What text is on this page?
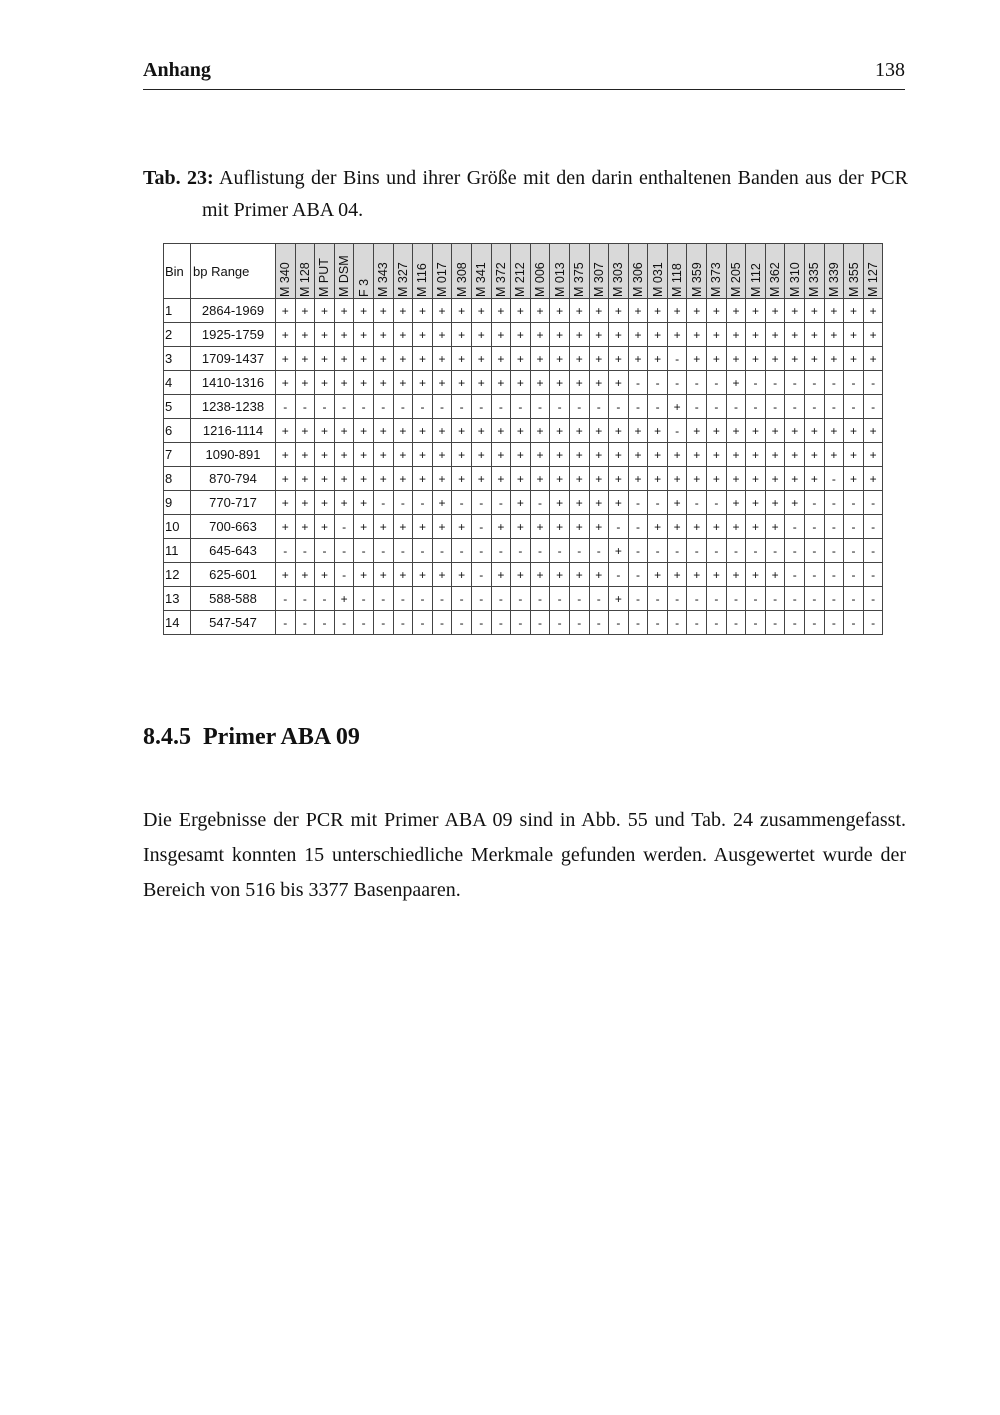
Anhang	138
Tab. 23: Auflistung der Bins und ihrer Größe mit den darin enthaltenen Banden aus der PCR
mit Primer ABA 04.
Bin	bp Range	M 340	M 128	M PUT	M DSM	F 3	M 343	M 327	M 116	M 017	M 308	M 341	M 372	M 212	M 006	M 013	M 375	M 307	M 303	M 306	M 031	M 118	M 359	M 373	M 205	M 112	M 362	M 310	M 335	M 339	M 355	M 127

1	2864-1969	+	+	+	+	+	+	+	+	+	+	+	+	+	+	+	+	+	+	+	+	+	+	+	+	+	+	+	+	+	+	+
2	1925-1759	+	+	+	+	+	+	+	+	+	+	+	+	+	+	+	+	+	+	+	+	+	+	+	+	+	+	+	+	+	+	+
3	1709-1437	+	+	+	+	+	+	+	+	+	+	+	+	+	+	+	+	+	+	+	+	-	+	+	+	+	+	+	+	+	+	+
4	1410-1316	+	+	+	+	+	+	+	+	+	+	+	+	+	+	+	+	+	+	-	-	-	-	-	+	-	-	-	-	-	-	-
5	1238-1238	-	-	-	-	-	-	-	-	-	-	-	-	-	-	-	-	-	-	-	-	+	-	-	-	-	-	-	-	-	-	-
6	1216-1114	+	+	+	+	+	+	+	+	+	+	+	+	+	+	+	+	+	+	+	+	-	+	+	+	+	+	+	+	+	+	+
7	1090-891	+	+	+	+	+	+	+	+	+	+	+	+	+	+	+	+	+	+	+	+	+	+	+	+	+	+	+	+	+	+	+
8	870-794	+	+	+	+	+	+	+	+	+	+	+	+	+	+	+	+	+	+	+	+	+	+	+	+	+	+	+	+	-	+	+
9	770-717	+	+	+	+	+	-	-	-	+	-	-	-	+	-	+	+	+	+	-	-	+	-	-	+	+	+	+	-	-	-	-
10	700-663	+	+	+	-	+	+	+	+	+	+	-	+	+	+	+	+	+	-	-	+	+	+	+	+	+	+	-	-	-	-	-
11	645-643	-	-	-	-	-	-	-	-	-	-	-	-	-	-	-	-	-	+	-	-	-	-	-	-	-	-	-	-	-	-	-
12	625-601	+	+	+	-	+	+	+	+	+	+	-	+	+	+	+	+	+	-	-	+	+	+	+	+	+	+	-	-	-	-	-
13	588-588	-	-	-	+	-	-	-	-	-	-	-	-	-	-	-	-	-	+	-	-	-	-	-	-	-	-	-	-	-	-	-
14	547-547	-	-	-	-	-	-	-	-	-	-	-	-	-	-	-	-	-	-	-	-	-	-	-	-	-	-	-	-	-	-	-
8.4.5 Primer ABA 09
Die Ergebnisse der PCR mit Primer ABA 09 sind in Abb. 55 und Tab. 24 zusammengefasst. Insgesamt konnten 15 unterschiedliche Merkmale gefunden werden. Ausgewertet wurde der Bereich von 516 bis 3377 Basenpaaren.
